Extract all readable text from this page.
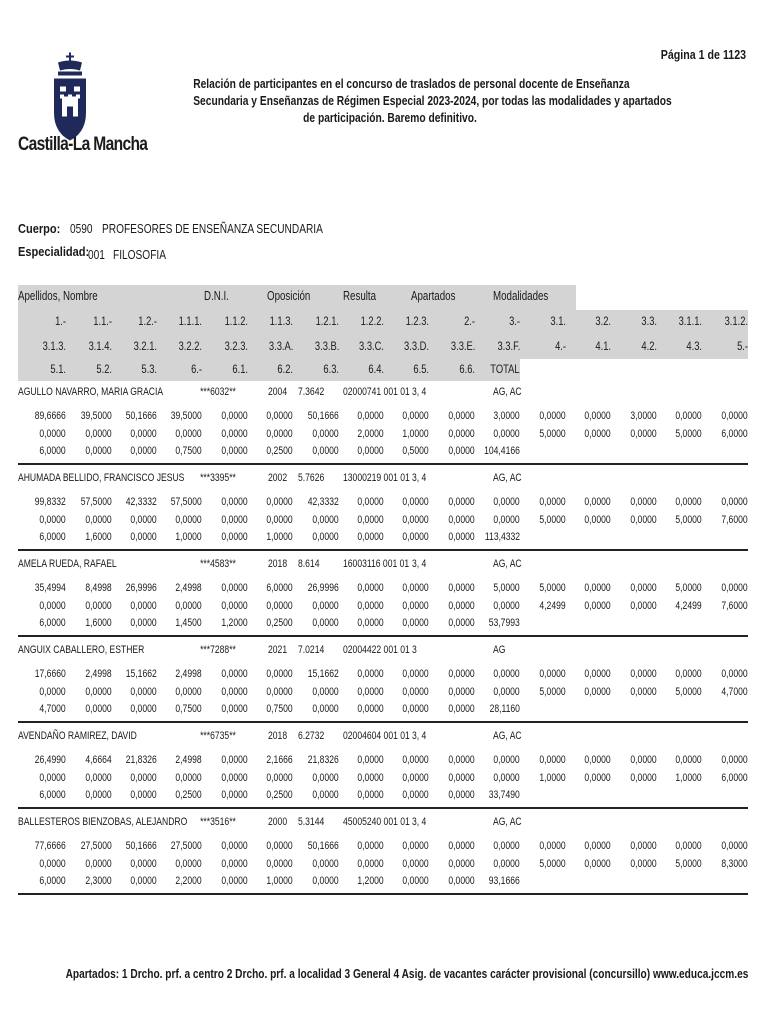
Castilla-La Mancha
Página 1 de 1123
Relación de participantes en el concurso de traslados de personal docente de Enseñanza
Secundaria y Enseñanzas de Régimen Especial 2023-2024, por todas las modalidades y apartados
de participación. Baremo definitivo.
Cuerpo: 0590 PROFESORES DE ENSEÑANZA SECUNDARIA
Especialidad:
001 FILOSOFIA
Apellidos, Nombre	D.N.I.	Oposición	Resulta	Apartados	Modalidades
1.-	1.1.-	1.2.-	1.1.1.	1.1.2.	1.1.3.	1.2.1.	1.2.2.	1.2.3.	2.-	3.-	3.1.	3.2.	3.3.	3.1.1.	3.1.2.
3.1.3.	3.1.4.	3.2.1.	3.2.2.	3.2.3.	3.3.A.	3.3.B.	3.3.C.	3.3.D.	3.3.E.	3.3.F.	4.-	4.1.	4.2.	4.3.	5.-
5.1.	5.2.	5.3.	6.-	6.1.	6.2.	6.3.	6.4.	6.5.	6.6.	TOTAL
AGULLO NAVARRO, MARIA GRACIA	***6032**	2004 7.3642	02000741 001 01 3, 4	AG, AC
89,6666	39,5000	50,1666	39,5000	0,0000	0,0000	50,1666	0,0000	0,0000	0,0000	3,0000	0,0000	0,0000	3,0000	0,0000	0,0000
0,0000	0,0000	0,0000	0,0000	0,0000	0,0000	0,0000	2,0000	1,0000	0,0000	0,0000	5,0000	0,0000	0,0000	5,0000	6,0000
6,0000	0,0000	0,0000	0,7500	0,0000	0,2500	0,0000	0,0000	0,5000	0,0000 104,4166
AHUMADA BELLIDO, FRANCISCO JESUS	***3395**	2002 5.7626	13000219 001 01 3, 4	AG, AC
99,8332	57,5000	42,3332	57,5000	0,0000	0,0000	42,3332	0,0000	0,0000	0,0000	0,0000	0,0000	0,0000	0,0000	0,0000	0,0000
0,0000	0,0000	0,0000	0,0000	0,0000	0,0000	0,0000	0,0000	0,0000	0,0000	0,0000	5,0000	0,0000	0,0000	5,0000	7,6000
6,0000	1,6000	0,0000	1,0000	0,0000	1,0000	0,0000	0,0000	0,0000	0,0000 113,4332
AMELA RUEDA, RAFAEL	***4583**	2018 8.614	16003116 001 01 3, 4	AG, AC
35,4994	8,4998	26,9996	2,4998	0,0000	6,0000	26,9996	0,0000	0,0000	0,0000	5,0000	5,0000	0,0000	0,0000	5,0000	0,0000
0,0000	0,0000	0,0000	0,0000	0,0000	0,0000	0,0000	0,0000	0,0000	0,0000	0,0000	4,2499	0,0000	0,0000	4,2499	7,6000
6,0000	1,6000	0,0000	1,4500	1,2000	0,2500	0,0000	0,0000	0,0000	0,0000	53,7993
ANGUIX CABALLERO, ESTHER	***7288**	2021 7.0214	02004422 001 01 3	AG
17,6660	2,4998	15,1662	2,4998	0,0000	0,0000	15,1662	0,0000	0,0000	0,0000	0,0000	0,0000	0,0000	0,0000	0,0000	0,0000
0,0000	0,0000	0,0000	0,0000	0,0000	0,0000	0,0000	0,0000	0,0000	0,0000	0,0000	5,0000	0,0000	0,0000	5,0000	4,7000
4,7000	0,0000	0,0000	0,7500	0,0000	0,7500	0,0000	0,0000	0,0000	0,0000	28,1160
AVENDAÑO RAMIREZ, DAVID	***6735**	2018 6.2732	02004604 001 01 3, 4	AG, AC
26,4990	4,6664	21,8326	2,4998	0,0000	2,1666	21,8326	0,0000	0,0000	0,0000	0,0000	0,0000	0,0000	0,0000	0,0000	0,0000
0,0000	0,0000	0,0000	0,0000	0,0000	0,0000	0,0000	0,0000	0,0000	0,0000	0,0000	1,0000	0,0000	0,0000	1,0000	6,0000
6,0000	0,0000	0,0000	0,2500	0,0000	0,2500	0,0000	0,0000	0,0000	0,0000	33,7490
BALLESTEROS BIENZOBAS, ALEJANDRO	***3516**	2000 5.3144	45005240 001 01 3, 4	AG, AC
77,6666	27,5000	50,1666	27,5000	0,0000	0,0000	50,1666	0,0000	0,0000	0,0000	0,0000	0,0000	0,0000	0,0000	0,0000	0,0000
0,0000	0,0000	0,0000	0,0000	0,0000	0,0000	0,0000	0,0000	0,0000	0,0000	0,0000	5,0000	0,0000	0,0000	5,0000	8,3000
6,0000	2,3000	0,0000	2,2000	0,0000	1,0000	0,0000	1,2000	0,0000	0,0000	93,1666
Apartados: 1 Drcho. prf. a centro 2 Drcho. prf. a localidad 3 General 4 Asig. de vacantes carácter provisional (concursillo) www.educa.jccm.es
